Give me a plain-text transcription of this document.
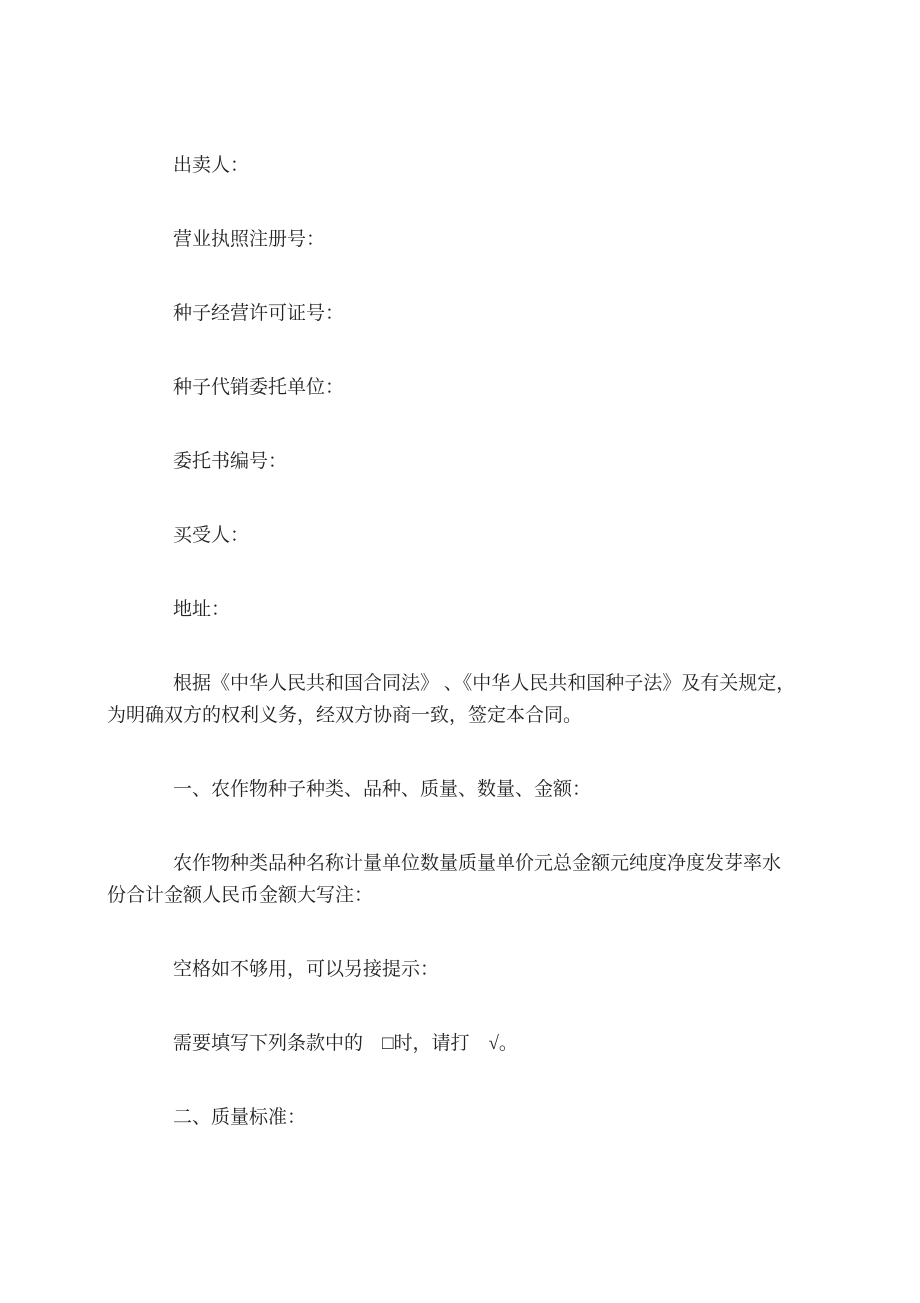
出卖人：

营业执照注册号：

种子经营许可证号：

种子代销委托单位：

委托书编号：

买受人：

地址：

根据《中华人民共和国合同法》 、《中华人民共和国种子法》及有关规定，
为明确双方的权利义务，经双方协商一致，签定本合同。

一、农作物种子种类、品种、质量、数量、金额：

农作物种类品种名称计量单位数量质量单价元总金额元纯度净度发芽率水
份合计金额人民币金额大写注：

空格如不够用，可以另接提示：

需要填写下列条款中的　□时，请打　√。

二、质量标准：
